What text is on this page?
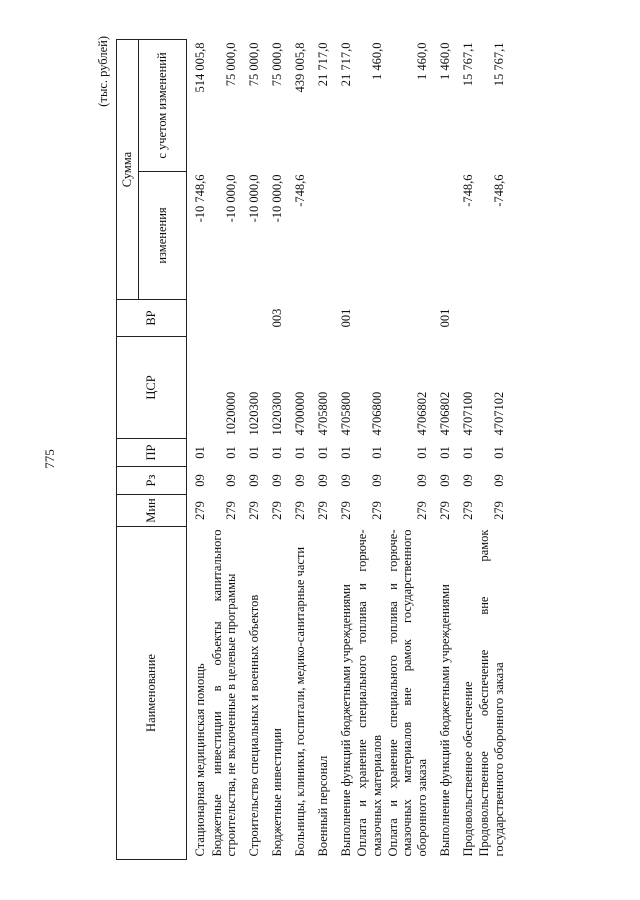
775
(тыс. рублей)
Наименование	Мин	Рз	ПР	ЦСР	ВР	Сумма	
						изменения	с учетом изменений
Стационарная медицинская помощь	279	09	01			-10 748,6	514 005,8
Бюджетные инвестиции в объекты капитального строительства, не включенные в целевые программы	279	09	01	1020000		-10 000,0	75 000,0
Строительство специальных и военных объектов	279	09	01	1020300		-10 000,0	75 000,0
Бюджетные инвестиции	279	09	01	1020300	003	-10 000,0	75 000,0
Больницы, клиники, госпитали, медико-санитарные части	279	09	01	4700000		-748,6	439 005,8
Военный персонал	279	09	01	4705800			21 717,0
Выполнение функций бюджетными учреждениями	279	09	01	4705800	001		21 717,0
Оплата и хранение специального топлива и горюче-смазочных материалов	279	09	01	4706800			1 460,0
Оплата и хранение специального топлива и горюче-смазочных материалов вне рамок государственного оборонного заказа	279	09	01	4706802			1 460,0
Выполнение функций бюджетными учреждениями	279	09	01	4706802	001		1 460,0
Продовольственное обеспечение	279	09	01	4707100		-748,6	15 767,1
Продовольственное обеспечение вне рамок государственного оборонного заказа	279	09	01	4707102		-748,6	15 767,1
